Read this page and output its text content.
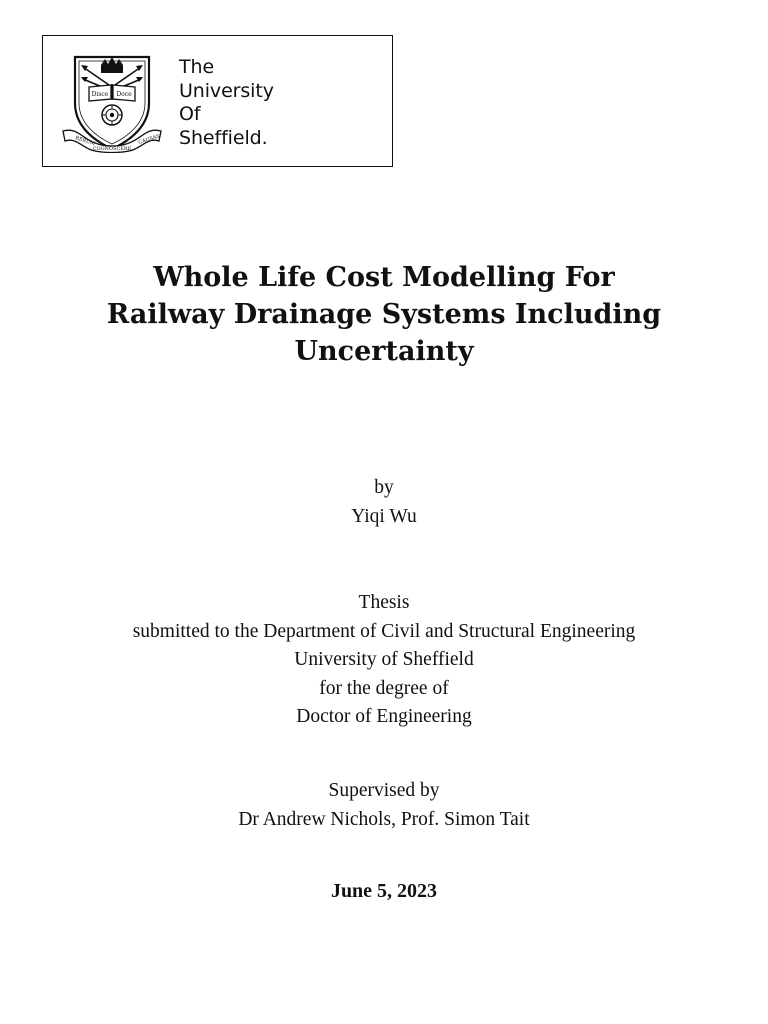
Disce Doce
RERUM
COGNOSCERE
CAUSAS
The
University
Of
Sheffield.
Whole Life Cost Modelling For
Railway Drainage Systems Including
Uncertainty
by
Yiqi Wu
Thesis
submitted to the Department of Civil and Structural Engineering
University of Sheffield
for the degree of
Doctor of Engineering
Supervised by
Dr Andrew Nichols, Prof. Simon Tait
June 5, 2023
